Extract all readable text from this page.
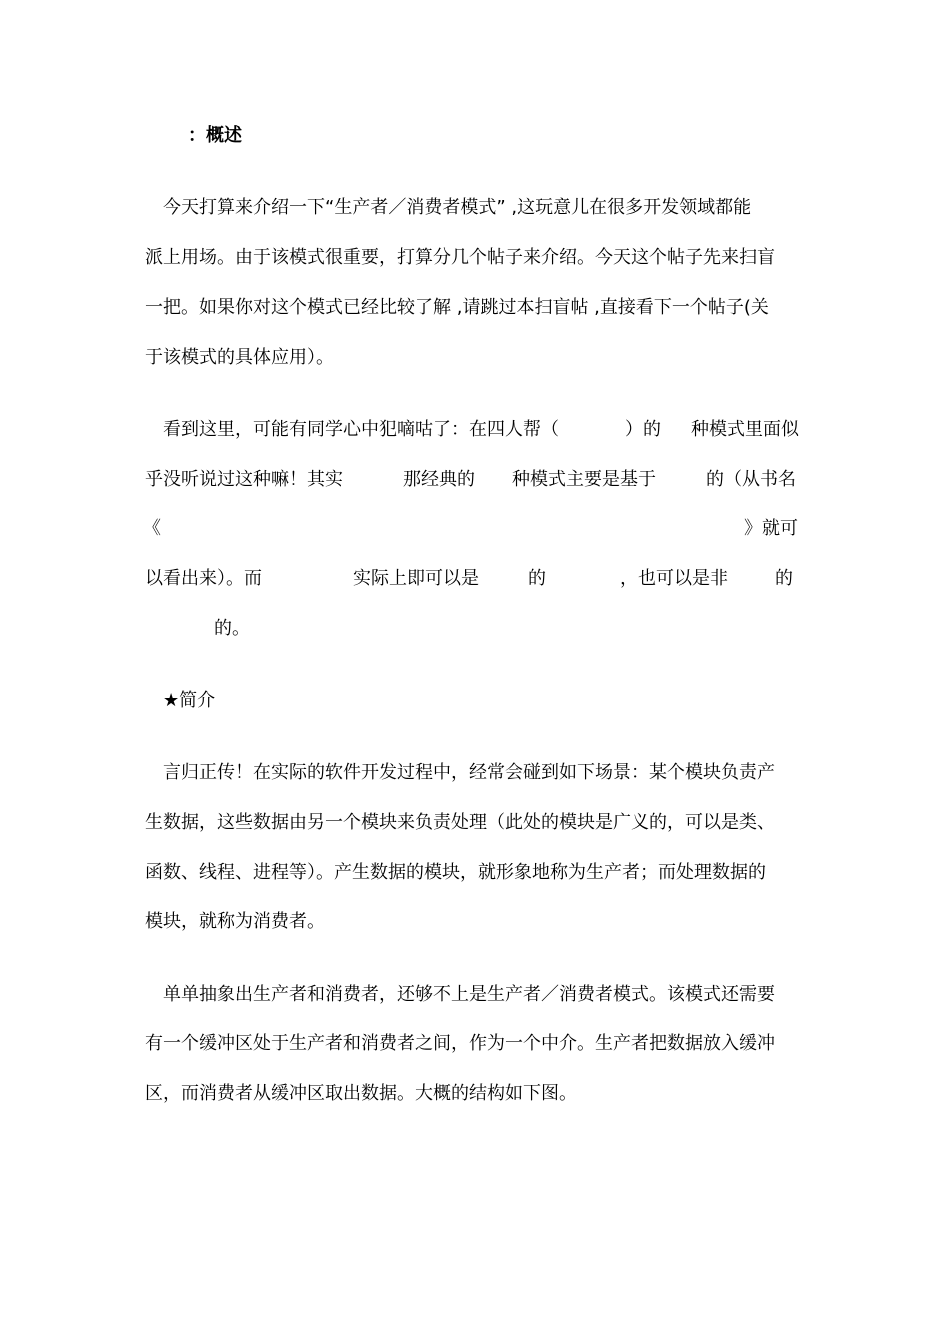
：概述

今天打算来介绍一下“生产者／消费者模式” ,这玩意儿在很多开发领域都能

派上用场。由于该模式很重要，打算分几个帖子来介绍。今天这个帖子先来扫盲

一把。如果你对这个模式已经比较了解 ,请跳过本扫盲帖 ,直接看下一个帖子(关

于该模式的具体应用）。

看到这里，可能有同学心中犯嘀咕了：在四人帮（	）的 种模式里面似
乎没听说过这种嘛！其实	那经典的 种模式主要是基于	的（从书名
《	》就可
以看出来）。而	实际上即可以是	的	，也可以是非	的
的。
★简介

言归正传！在实际的软件开发过程中，经常会碰到如下场景：某个模块负责产

生数据，这些数据由另一个模块来负责处理（此处的模块是广义的，可以是类、

函数、线程、进程等）。产生数据的模块，就形象地称为生产者；而处理数据的

模块，就称为消费者。

单单抽象出生产者和消费者，还够不上是生产者／消费者模式。该模式还需要

有一个缓冲区处于生产者和消费者之间，作为一个中介。生产者把数据放入缓冲

区，而消费者从缓冲区取出数据。大概的结构如下图。
